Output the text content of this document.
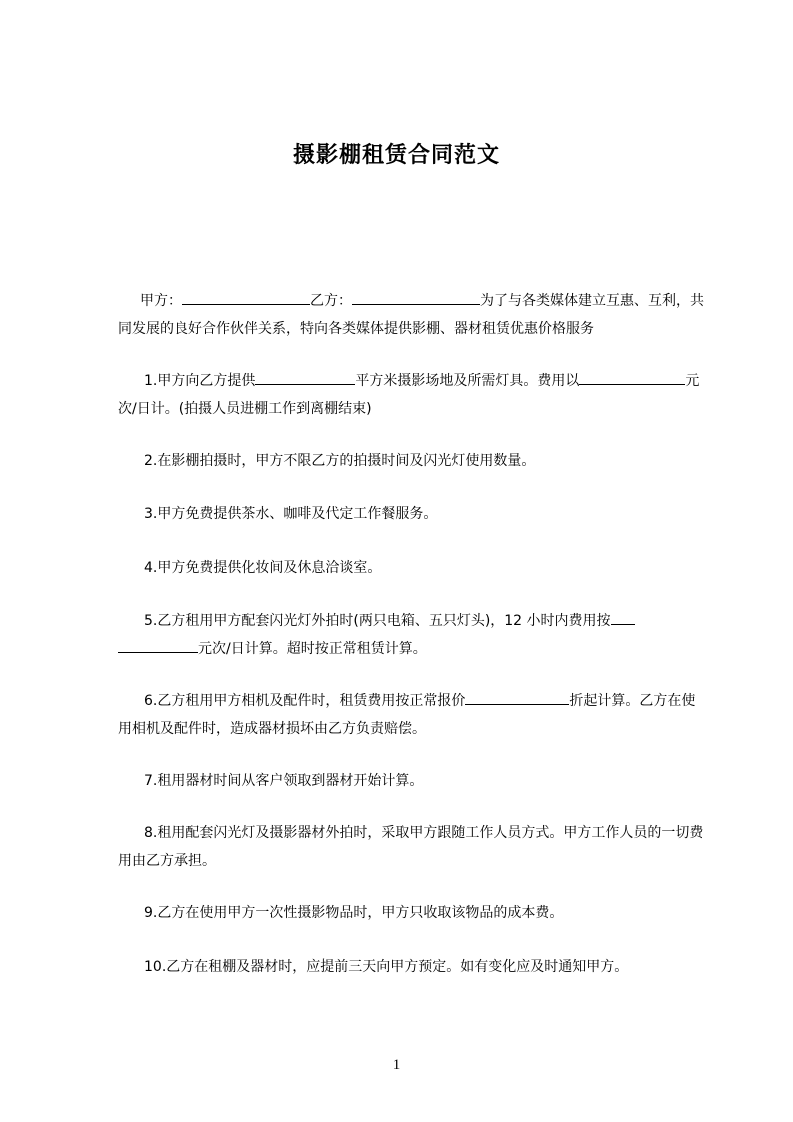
摄影棚租赁合同范文

甲方：	乙方：	为了与各类媒体建立互惠、互利，共同发展的良好合作伙伴关系，特向各类媒体提供影棚、器材租赁优惠价格服务

1.甲方向乙方提供	平方米摄影场地及所需灯具。费用以	元次/日计。(拍摄人员进棚工作到离棚结束)

2.在影棚拍摄时，甲方不限乙方的拍摄时间及闪光灯使用数量。

3.甲方免费提供茶水、咖啡及代定工作餐服务。

4.甲方免费提供化妆间及休息洽谈室。

5.乙方租用甲方配套闪光灯外拍时(两只电箱、五只灯头)，12 小时内费用按元次/日计算。超时按正常租赁计算。

6.乙方租用甲方相机及配件时，租赁费用按正常报价	折起计算。乙方在使用相机及配件时，造成器材损坏由乙方负责赔偿。

7.租用器材时间从客户领取到器材开始计算。

8.租用配套闪光灯及摄影器材外拍时，采取甲方跟随工作人员方式。甲方工作人员的一切费用由乙方承担。

9.乙方在使用甲方一次性摄影物品时，甲方只收取该物品的成本费。

10.乙方在租棚及器材时，应提前三天向甲方预定。如有变化应及时通知甲方。

1
